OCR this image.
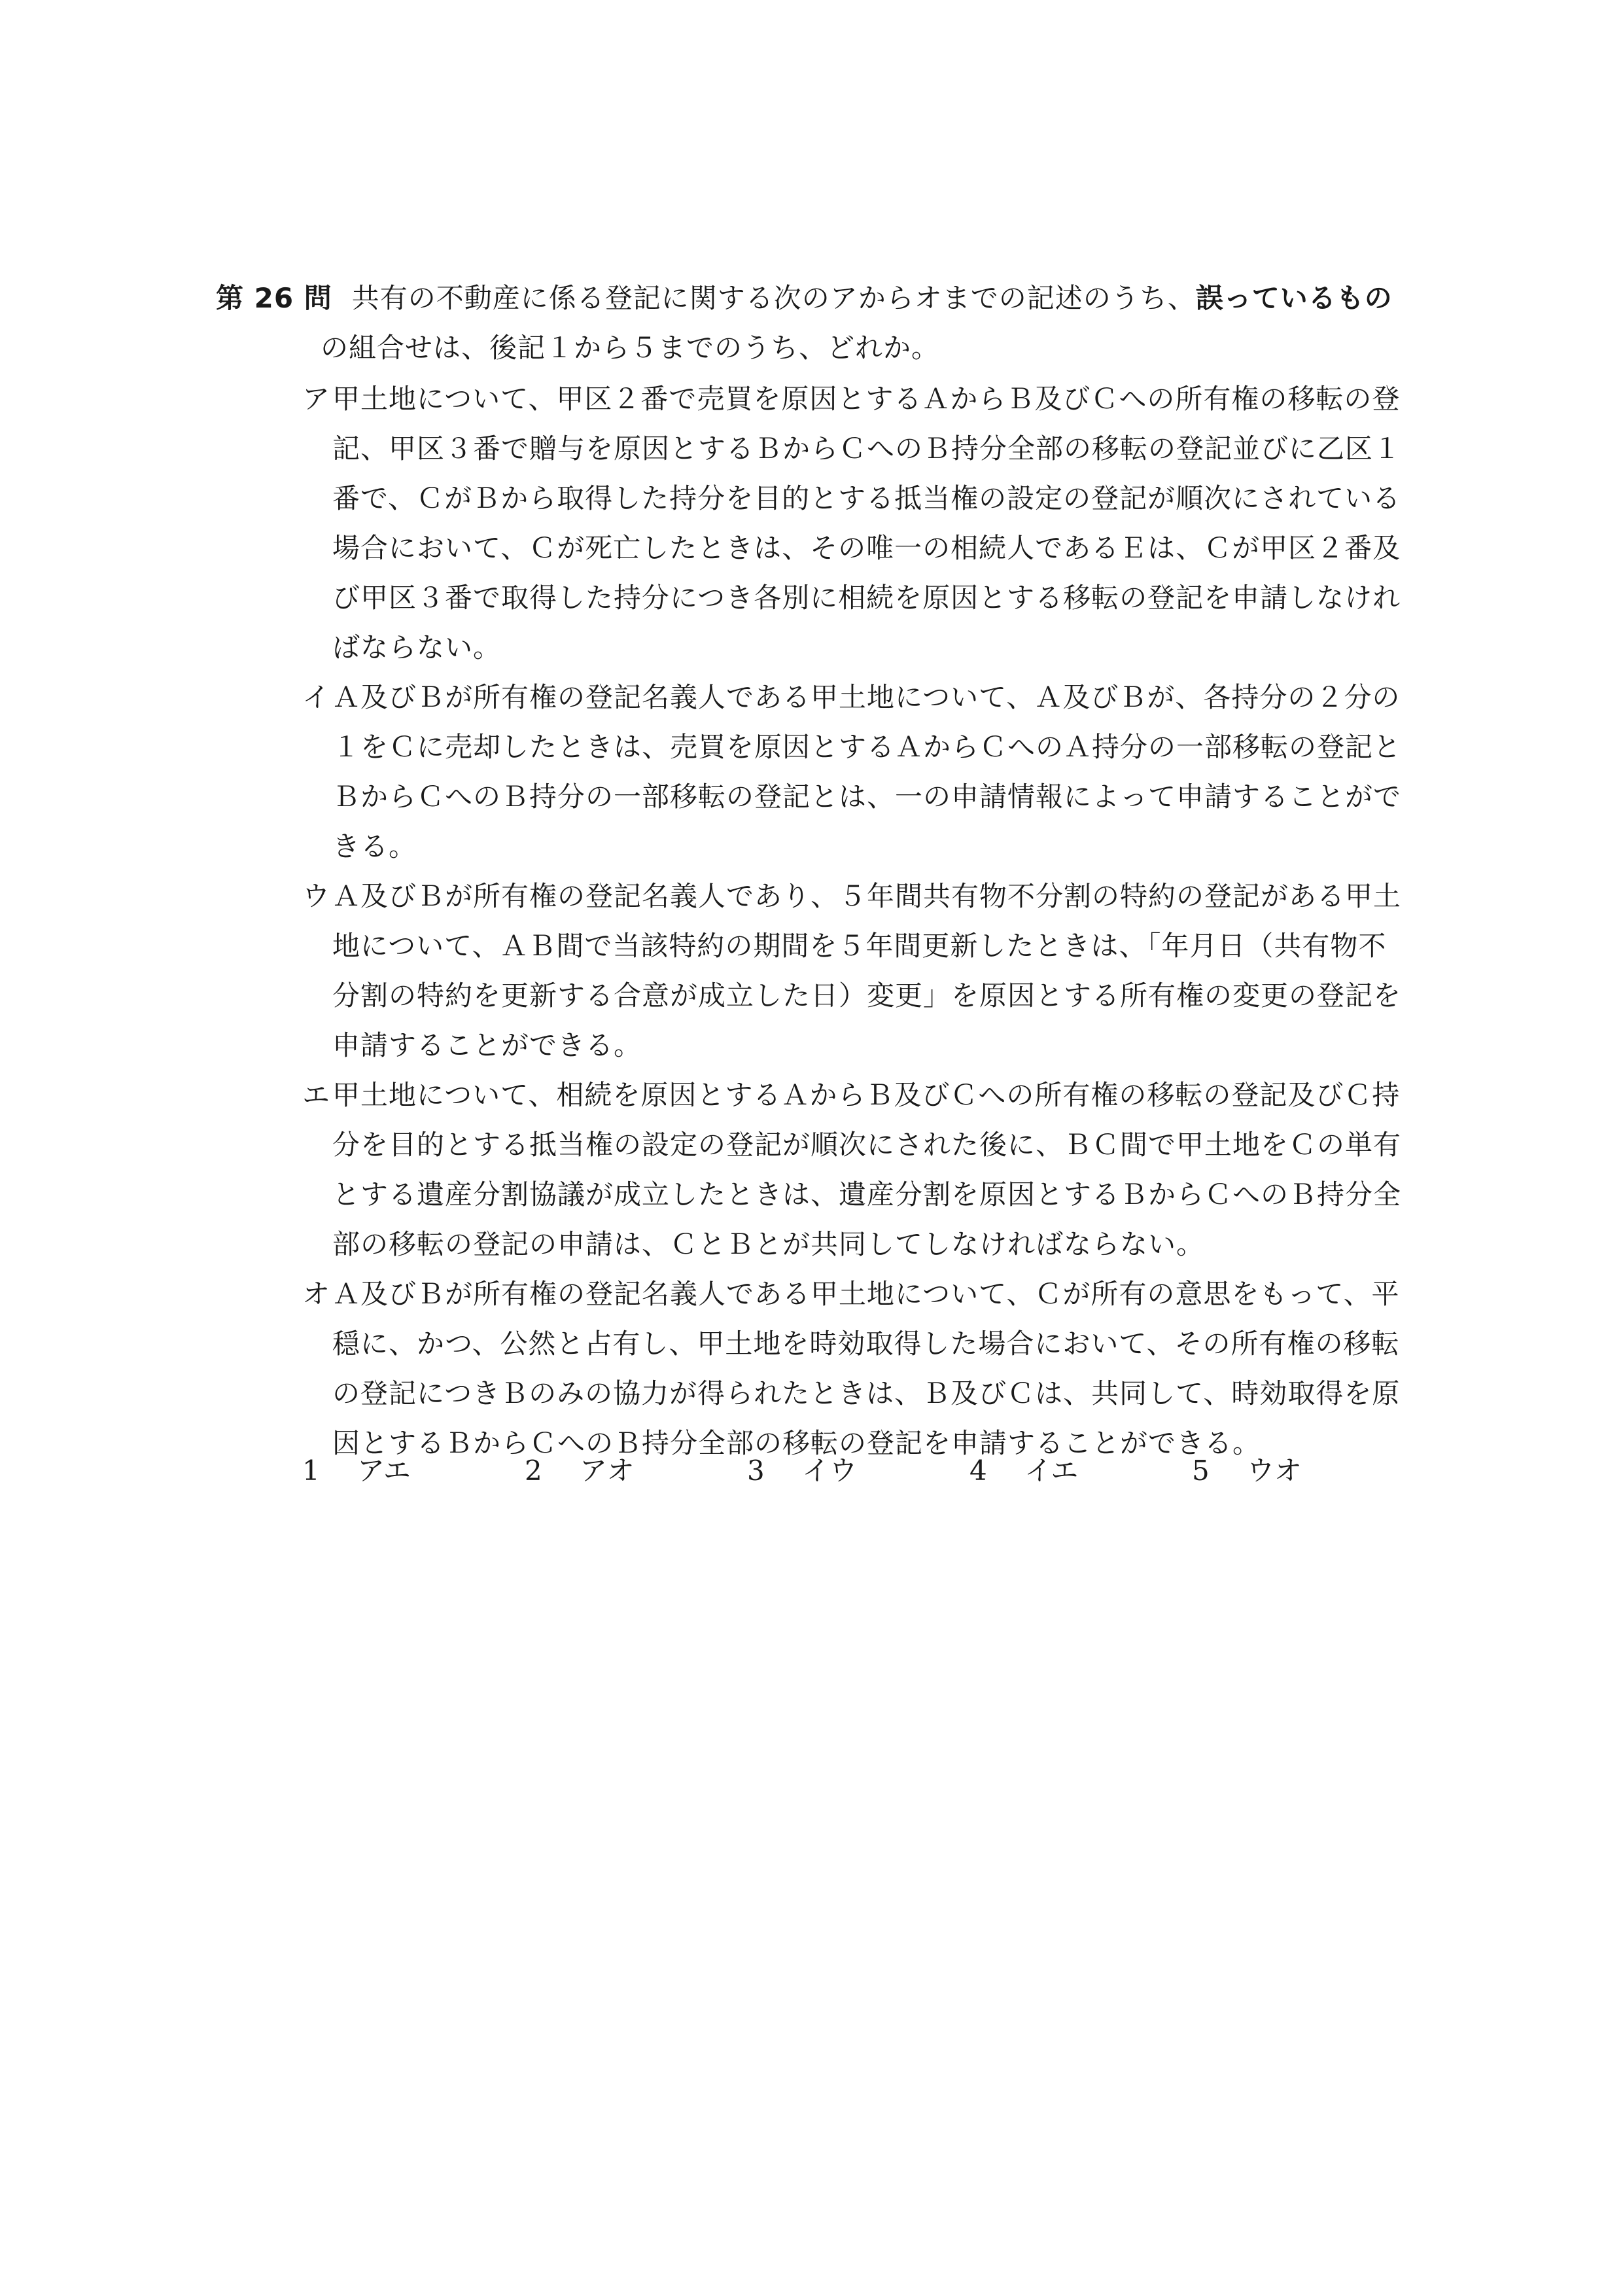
第 26 問 共有の不動産に係る登記に関する次のアからオまでの記述のうち、誤っているもの
の組合せは、後記１から５までのうち、どれか。
ア甲土地について、甲区２番で売買を原因とするＡからＢ及びＣへの所有権の移転の登記、甲区３番で贈与を原因とするＢからＣへのＢ持分全部の移転の登記並びに乙区１番で、ＣがＢから取得した持分を目的とする抵当権の設定の登記が順次にされている場合において、Ｃが死亡したときは、その唯一の相続人であるＥは、Ｃが甲区２番及び甲区３番で取得した持分につき各別に相続を原因とする移転の登記を申請しなければならない。
イＡ及びＢが所有権の登記名義人である甲土地について、Ａ及びＢが、各持分の２分の１をＣに売却したときは、売買を原因とするＡからＣへのＡ持分の一部移転の登記とＢからＣへのＢ持分の一部移転の登記とは、一の申請情報によって申請することができる。
ウＡ及びＢが所有権の登記名義人であり、５年間共有物不分割の特約の登記がある甲土地について、ＡＢ間で当該特約の期間を５年間更新したときは、「年月日（共有物不分割の特約を更新する合意が成立した日）変更」を原因とする所有権の変更の登記を申請することができる。
エ甲土地について、相続を原因とするＡからＢ及びＣへの所有権の移転の登記及びＣ持分を目的とする抵当権の設定の登記が順次にされた後に、ＢＣ間で甲土地をＣの単有とする遺産分割協議が成立したときは、遺産分割を原因とするＢからＣへのＢ持分全部の移転の登記の申請は、ＣとＢとが共同してしなければならない。
オＡ及びＢが所有権の登記名義人である甲土地について、Ｃが所有の意思をもって、平穏に、かつ、公然と占有し、甲土地を時効取得した場合において、その所有権の移転の登記につきＢのみの協力が得られたときは、Ｂ及びＣは、共同して、時効取得を原因とするＢからＣへのＢ持分全部の移転の登記を申請することができる。
1 アエ	2 アオ	3 イウ	4 イエ	5 ウオ
